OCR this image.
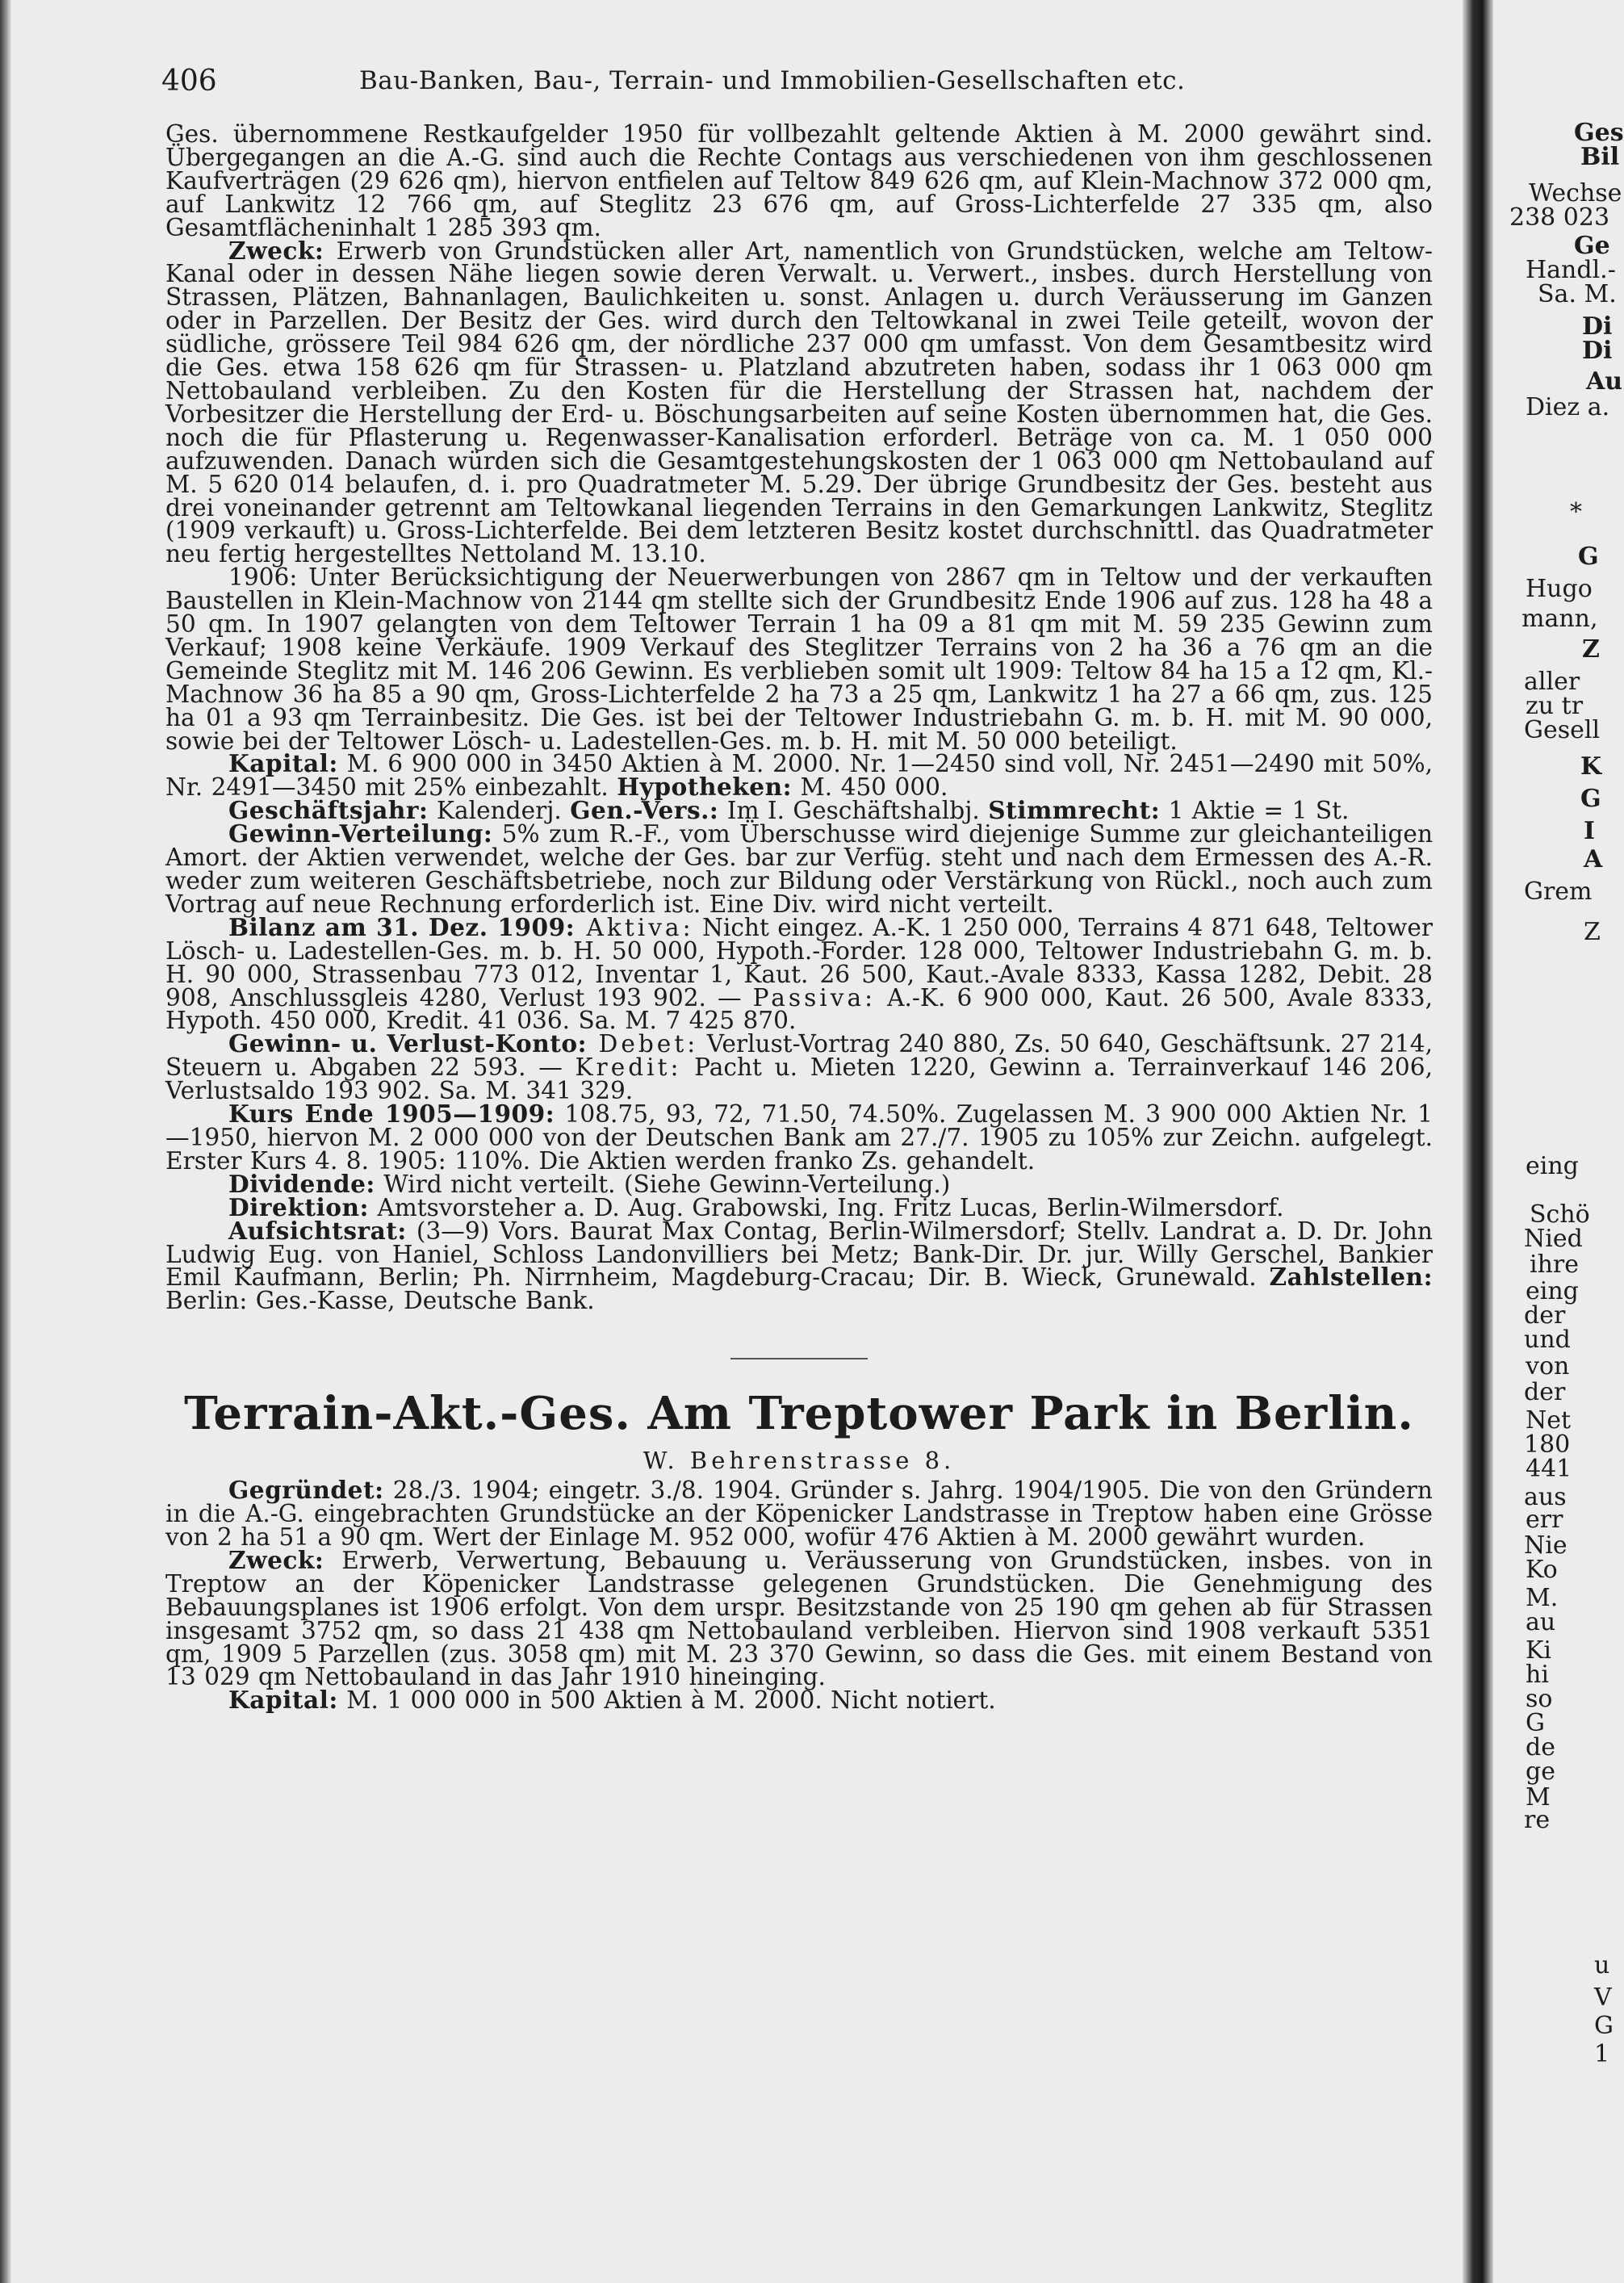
406	Bau-Banken, Bau-, Terrain- und Immobilien-Gesellschaften etc.

Ges. übernommene Restkaufgelder 1950 für vollbezahlt geltende Aktien à M. 2000 gewährt sind. Übergegangen an die A.-G. sind auch die Rechte Contags aus verschiedenen von ihm geschlossenen Kaufverträgen (29 626 qm), hiervon entfielen auf Teltow 849 626 qm, auf Klein-Machnow 372 000 qm, auf Lankwitz 12 766 qm, auf Steglitz 23 676 qm, auf Gross-Lichterfelde 27 335 qm, also Gesamtflächeninhalt 1 285 393 qm.

Zweck: Erwerb von Grundstücken aller Art, namentlich von Grundstücken, welche am Teltow-Kanal oder in dessen Nähe liegen sowie deren Verwalt. u. Verwert., insbes. durch Herstellung von Strassen, Plätzen, Bahnanlagen, Baulichkeiten u. sonst. Anlagen u. durch Veräusserung im Ganzen oder in Parzellen. Der Besitz der Ges. wird durch den Teltowkanal in zwei Teile geteilt, wovon der südliche, grössere Teil 984 626 qm, der nördliche 237 000 qm umfasst. Von dem Gesamtbesitz wird die Ges. etwa 158 626 qm für Strassen- u. Platzland abzutreten haben, sodass ihr 1 063 000 qm Nettobauland verbleiben. Zu den Kosten für die Herstellung der Strassen hat, nachdem der Vorbesitzer die Herstellung der Erd- u. Böschungsarbeiten auf seine Kosten übernommen hat, die Ges. noch die für Pflasterung u. Regenwasser-Kanalisation erforderl. Beträge von ca. M. 1 050 000 aufzuwenden. Danach würden sich die Gesamtgestehungskosten der 1 063 000 qm Nettobauland auf M. 5 620 014 belaufen, d. i. pro Quadratmeter M. 5.29. Der übrige Grundbesitz der Ges. besteht aus drei voneinander getrennt am Teltowkanal liegenden Terrains in den Gemarkungen Lankwitz, Steglitz (1909 verkauft) u. Gross-Lichterfelde. Bei dem letzteren Besitz kostet durchschnittl. das Quadratmeter neu fertig hergestelltes Nettoland M. 13.10.

1906: Unter Berücksichtigung der Neuerwerbungen von 2867 qm in Teltow und der verkauften Baustellen in Klein-Machnow von 2144 qm stellte sich der Grundbesitz Ende 1906 auf zus. 128 ha 48 a 50 qm. In 1907 gelangten von dem Teltower Terrain 1 ha 09 a 81 qm mit M. 59 235 Gewinn zum Verkauf; 1908 keine Verkäufe. 1909 Verkauf des Steglitzer Terrains von 2 ha 36 a 76 qm an die Gemeinde Steglitz mit M. 146 206 Gewinn. Es verblieben somit ult 1909: Teltow 84 ha 15 a 12 qm, Kl.-Machnow 36 ha 85 a 90 qm, Gross-Lichterfelde 2 ha 73 a 25 qm, Lankwitz 1 ha 27 a 66 qm, zus. 125 ha 01 a 93 qm Terrainbesitz. Die Ges. ist bei der Teltower Industriebahn G. m. b. H. mit M. 90 000, sowie bei der Teltower Lösch- u. Ladestellen-Ges. m. b. H. mit M. 50 000 beteiligt.

Kapital: M. 6 900 000 in 3450 Aktien à M. 2000. Nr. 1—2450 sind voll, Nr. 2451—2490 mit 50%, Nr. 2491—3450 mit 25% einbezahlt. Hypotheken: M. 450 000.

Geschäftsjahr: Kalenderj. Gen.-Vers.: Im I. Geschäftshalbj. Stimmrecht: 1 Aktie = 1 St.

Gewinn-Verteilung: 5% zum R.-F., vom Überschusse wird diejenige Summe zur gleichanteiligen Amort. der Aktien verwendet, welche der Ges. bar zur Verfüg. steht und nach dem Ermessen des A.-R. weder zum weiteren Geschäftsbetriebe, noch zur Bildung oder Verstärkung von Rückl., noch auch zum Vortrag auf neue Rechnung erforderlich ist. Eine Div. wird nicht verteilt.

Bilanz am 31. Dez. 1909: Aktiva: Nicht eingez. A.-K. 1 250 000, Terrains 4 871 648, Teltower Lösch- u. Ladestellen-Ges. m. b. H. 50 000, Hypoth.-Forder. 128 000, Teltower Industriebahn G. m. b. H. 90 000, Strassenbau 773 012, Inventar 1, Kaut. 26 500, Kaut.-Avale 8333, Kassa 1282, Debit. 28 908, Anschlussgleis 4280, Verlust 193 902. — Passiva: A.-K. 6 900 000, Kaut. 26 500, Avale 8333, Hypoth. 450 000, Kredit. 41 036. Sa. M. 7 425 870.

Gewinn- u. Verlust-Konto: Debet: Verlust-Vortrag 240 880, Zs. 50 640, Geschäftsunk. 27 214, Steuern u. Abgaben 22 593. — Kredit: Pacht u. Mieten 1220, Gewinn a. Terrainverkauf 146 206, Verlustsaldo 193 902. Sa. M. 341 329.

Kurs Ende 1905—1909: 108.75, 93, 72, 71.50, 74.50%. Zugelassen M. 3 900 000 Aktien Nr. 1—1950, hiervon M. 2 000 000 von der Deutschen Bank am 27./7. 1905 zu 105% zur Zeichn. aufgelegt. Erster Kurs 4. 8. 1905: 110%. Die Aktien werden franko Zs. gehandelt.

Dividende: Wird nicht verteilt. (Siehe Gewinn-Verteilung.)

Direktion: Amtsvorsteher a. D. Aug. Grabowski, Ing. Fritz Lucas, Berlin-Wilmersdorf.

Aufsichtsrat: (3—9) Vors. Baurat Max Contag, Berlin-Wilmersdorf; Stellv. Landrat a. D. Dr. John Ludwig Eug. von Haniel, Schloss Landonvilliers bei Metz; Bank-Dir. Dr. jur. Willy Gerschel, Bankier Emil Kaufmann, Berlin; Ph. Nirrnheim, Magdeburg-Cracau; Dir. B. Wieck, Grunewald. Zahlstellen: Berlin: Ges.-Kasse, Deutsche Bank.

Terrain-Akt.-Ges. Am Treptower Park in Berlin.
W. Behrenstrasse 8.

Gegründet: 28./3. 1904; eingetr. 3./8. 1904. Gründer s. Jahrg. 1904/1905. Die von den Gründern in die A.-G. eingebrachten Grundstücke an der Köpenicker Landstrasse in Treptow haben eine Grösse von 2 ha 51 a 90 qm. Wert der Einlage M. 952 000, wofür 476 Aktien à M. 2000 gewährt wurden.

Zweck: Erwerb, Verwertung, Bebauung u. Veräusserung von Grundstücken, insbes. von in Treptow an der Köpenicker Landstrasse gelegenen Grundstücken. Die Genehmigung des Bebauungsplanes ist 1906 erfolgt. Von dem urspr. Besitzstande von 25 190 qm gehen ab für Strassen insgesamt 3752 qm, so dass 21 438 qm Nettobauland verbleiben. Hiervon sind 1908 verkauft 5351 qm, 1909 5 Parzellen (zus. 3058 qm) mit M. 23 370 Gewinn, so dass die Ges. mit einem Bestand von 13 029 qm Nettobauland in das Jahr 1910 hineinging.

Kapital: M. 1 000 000 in 500 Aktien à M. 2000. Nicht notiert.

Ges
Bil
Wechse
238 023
Ge
Handl.-
Sa. M.
Di
Di
Au
Diez a.
*
G
Hugo
mann,
Z
aller
zu tr
Gesell
K
G
I
A
Grem
Z
eing
Schö
Nied
ihre
eing
der
und
von
der
Net
180
441
aus
err
Nie
Ko
M.
au
Ki
hi
so
G
de
ge
M
re
u
V
G
1
